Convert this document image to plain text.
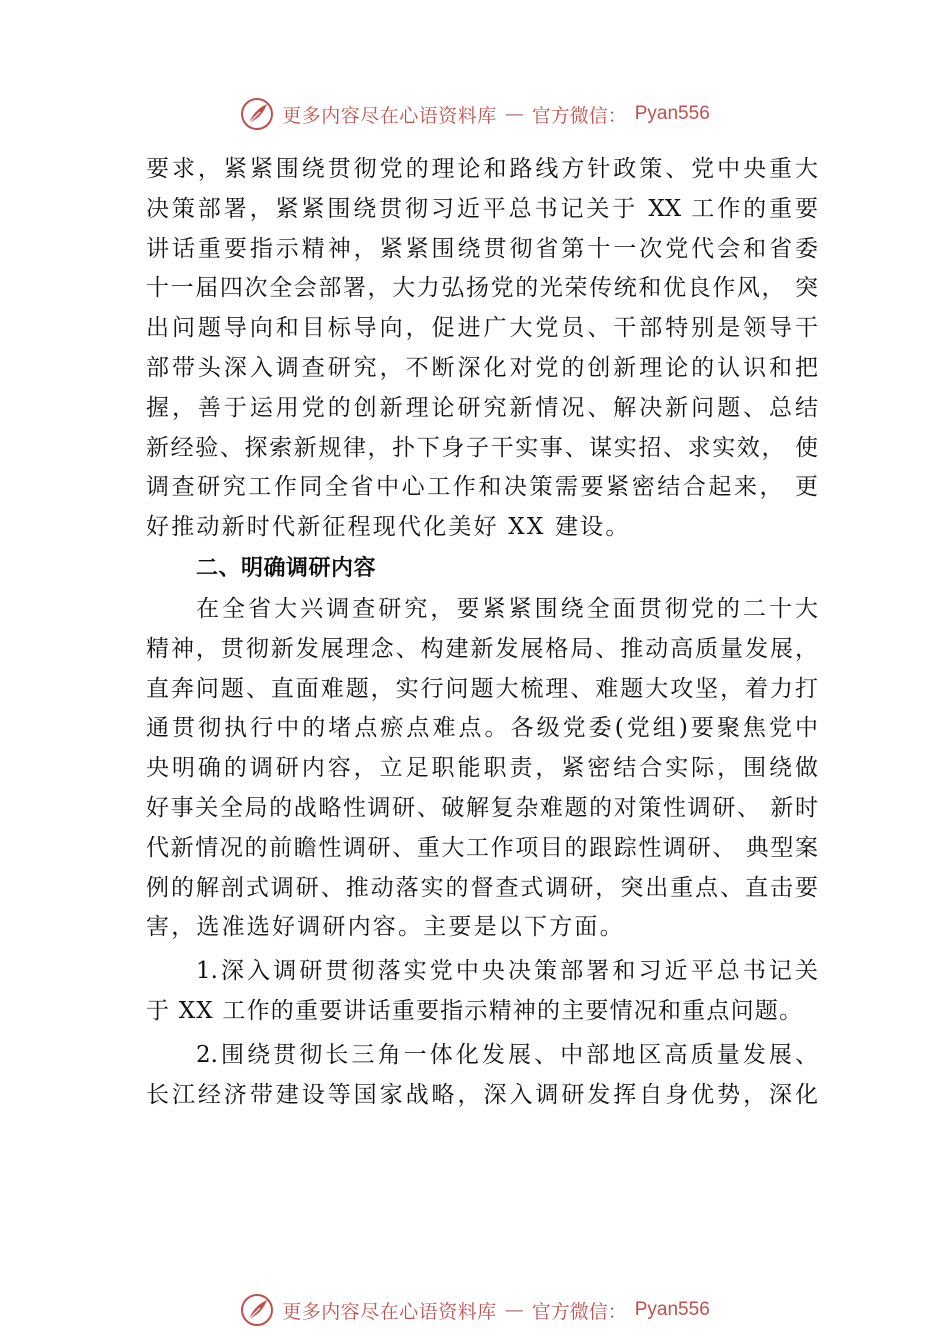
更多内容尽在心语资料库 — 官方微信： Pyan556
要求，紧紧围绕贯彻党的理论和路线方针政策、党中央重大
决策部署，紧紧围绕贯彻习近平总书记关于 XX 工作的重要
讲话重要指示精神，紧紧围绕贯彻省第十一次党代会和省委
十一届四次全会部署，大力弘扬党的光荣传统和优良作风， 突
出问题导向和目标导向，促进广大党员、干部特别是领导干
部带头深入调查研究，不断深化对党的创新理论的认识和把
握，善于运用党的创新理论研究新情况、解决新问题、总结
新经验、探索新规律，扑下身子干实事、谋实招、求实效， 使
调查研究工作同全省中心工作和决策需要紧密结合起来， 更
好推动新时代新征程现代化美好 XX 建设。
二、明确调研内容
在全省大兴调查研究，要紧紧围绕全面贯彻党的二十大
精神，贯彻新发展理念、构建新发展格局、推动高质量发展，
直奔问题、直面难题，实行问题大梳理、难题大攻坚，着力打
通贯彻执行中的堵点瘀点难点。各级党委(党组)要聚焦党中
央明确的调研内容，立足职能职责，紧密结合实际，围绕做
好事关全局的战略性调研、破解复杂难题的对策性调研、 新时
代新情况的前瞻性调研、重大工作项目的跟踪性调研、 典型案
例的解剖式调研、推动落实的督查式调研，突出重点、直击要
害，选准选好调研内容。主要是以下方面。
1.深入调研贯彻落实党中央决策部署和习近平总书记关
于 XX 工作的重要讲话重要指示精神的主要情况和重点问题。
2.围绕贯彻长三角一体化发展、中部地区高质量发展、
长江经济带建设等国家战略，深入调研发挥自身优势，深化
更多内容尽在心语资料库 — 官方微信： Pyan556
